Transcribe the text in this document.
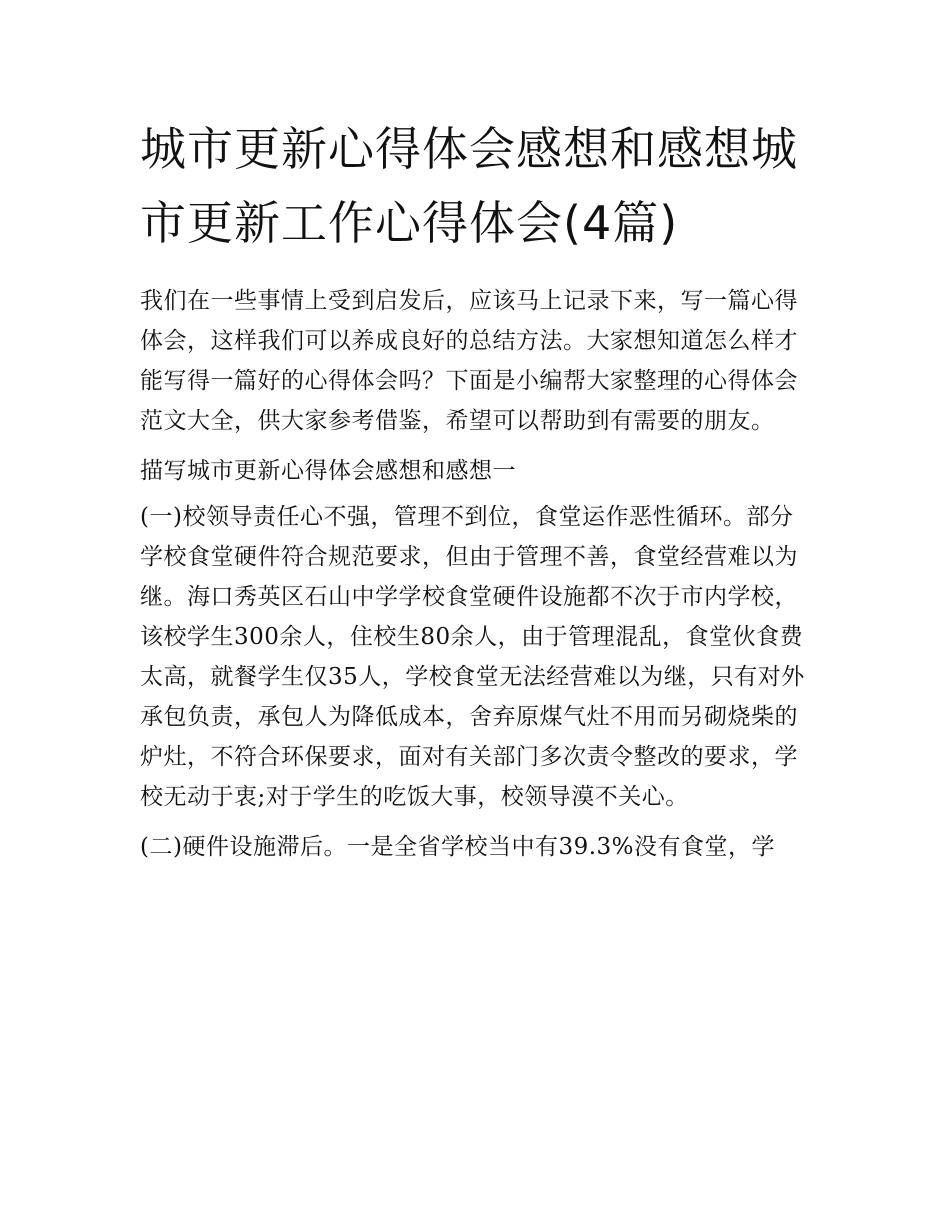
城市更新心得体会感想和感想城市更新工作心得体会(4篇)

我们在一些事情上受到启发后，应该马上记录下来，写一篇心得体会，这样我们可以养成良好的总结方法。大家想知道怎么样才能写得一篇好的心得体会吗？下面是小编帮大家整理的心得体会范文大全，供大家参考借鉴，希望可以帮助到有需要的朋友。

描写城市更新心得体会感想和感想一

(一)校领导责任心不强，管理不到位，食堂运作恶性循环。部分学校食堂硬件符合规范要求，但由于管理不善，食堂经营难以为继。海口秀英区石山中学学校食堂硬件设施都不次于市内学校，该校学生300余人，住校生80余人，由于管理混乱，食堂伙食费太高，就餐学生仅35人，学校食堂无法经营难以为继，只有对外承包负责，承包人为降低成本，舍弃原煤气灶不用而另砌烧柴的炉灶，不符合环保要求，面对有关部门多次责令整改的要求，学校无动于衷;对于学生的吃饭大事，校领导漠不关心。

(二)硬件设施滞后。一是全省学校当中有39.3%没有食堂，学
